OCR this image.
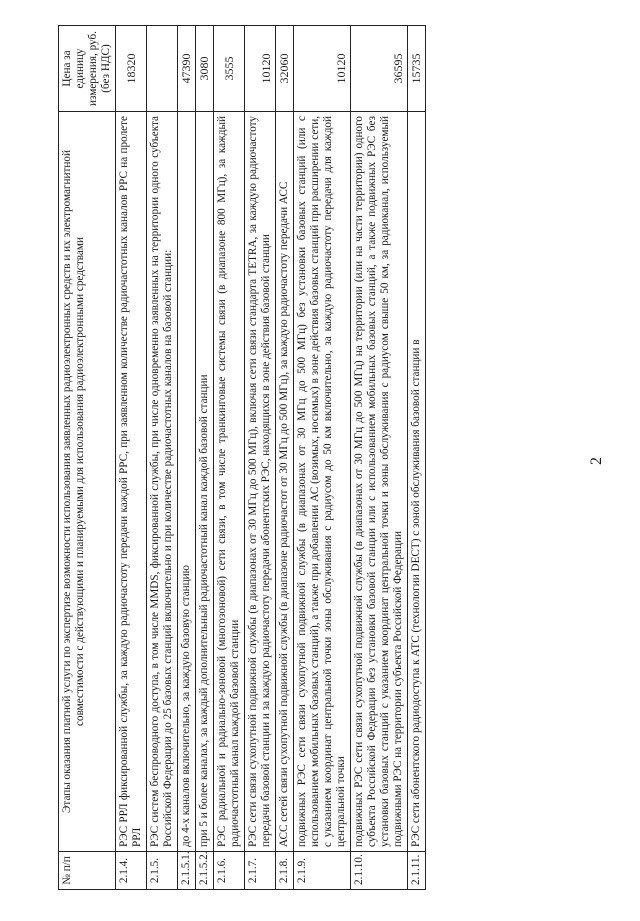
2
№ п/п	Этапы оказания платной услуги по экспертизе возможности использования заявленных радиоэлектронных средств и их электромагнитной совместимости с действующими и планируемыми для использования радиоэлектронными средствами	Цена за единицу измерения, руб. (без НДС)
2.1.4.	РЭС РРЛ фиксированной службы, за каждую радиочастоту передачи каждой РРС, при заявленном количестве радиочастотных каналов РРС на пролете РРЛ	18320
2.1.5.	РЭС систем беспроводного доступа, в том числе MMDS, фиксированной службы, при числе одновременно заявленных на территории одного субъекта Российской Федерации до 25 базовых станций включительно и при количестве радиочастотных каналов на базовой станции:	
2.1.5.1.	до 4-х каналов включительно, за каждую базовую станцию	47390
2.1.5.2.	при 5 и более каналах, за каждый дополнительный радиочастотный канал каждой базовой станции	3080
2.1.6.	РЭС радиальной и радиально-зоновой (многозоновой) сети связи, в том числе транкинговые системы связи (в диапазоне 800 МГц), за каждый радиочастотный канал каждой базовой станции	3555
2.1.7.	РЭС сети связи сухопутной подвижной службы (в диапазонах от 30 МГц до 500 МГц), включая сети связи стандарта TETRA, за каждую радиочастоту передачи базовой станции и за каждую радиочастоту передачи абонентских РЭС, находящихся в зоне действия базовой станции	10120
2.1.8.	АСС сетей связи сухопутной подвижной службы (в диапазоне радиочастот от 30 МГц до 500 МГц), за каждую радиочастоту передачи АСС	32060
2.1.9.	подвижных РЭС сети связи сухопутной подвижной службы (в диапазонах от 30 МГц до 500 МГц) без установки базовых станций (или с использованием мобильных базовых станций), а также при добавлении АС (возимых, носимых) в зоне действия базовых станций при расширении сети, с указанием координат центральной точки зоны обслуживания с радиусом до 50 км включительно, за каждую радиочастоту передачи для каждой центральной точки	10120
2.1.10.	подвижных РЭС сети связи сухопутной подвижной службы (в диапазонах от 30 МГц до 500 МГц) на территории (или на части территории) одного субъекта Российской Федерации без установки базовой станции или с использованием мобильных базовых станций, а также подвижных РЭС без установки базовых станций с указанием координат центральной точки и зоны обслуживания с радиусом свыше 50 км, за радиоканал, используемый подвижными РЭС на территории субъекта Российской Федерации	36595
2.1.11.	РЭС сети абонентского радиодоступа к АТС (технологии DECT) с зоной обслуживания базовой станции в	15735
